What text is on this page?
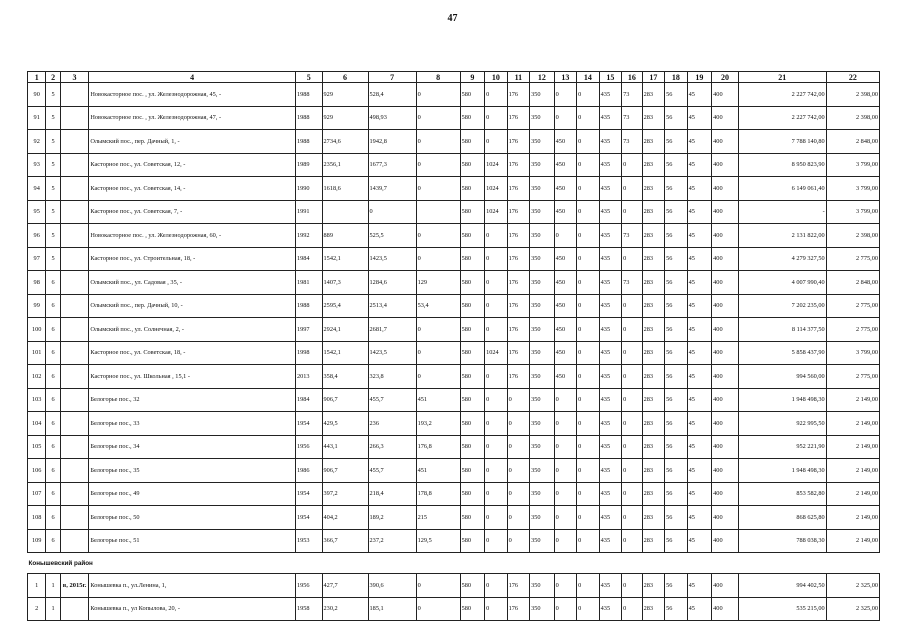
47
1	2	3	4	5	6	7	8	9	10	11	12	13	14	15	16	17	18	19	20	21	22
90	5		Новокасторное пос. , ул. Железнодорожная, 45, -	1988	929	528,4	0	580	0	176	350	0	0	435	73	283	56	45	400	2 227 742,00	2 398,00
91	5		Новокасторное пос. , ул. Железнодорожная, 47, -	1988	929	498,93	0	580	0	176	350	0	0	435	73	283	56	45	400	2 227 742,00	2 398,00
92	5		Олымский пос., пер. Дачный, 1, -	1988	2734,6	1942,8	0	580	0	176	350	450	0	435	73	283	56	45	400	7 788 140,80	2 848,00
93	5		Касторное пос., ул. Советская, 12, -	1989	2356,1	1677,3	0	580	1024	176	350	450	0	435	0	283	56	45	400	8 950 823,90	3 799,00
94	5		Касторное пос., ул. Советская, 14, -	1990	1618,6	1439,7	0	580	1024	176	350	450	0	435	0	283	56	45	400	6 149 061,40	3 799,00
95	5		Касторное пос., ул. Советская, 7, -	1991		0		580	1024	176	350	450	0	435	0	283	56	45	400	-	3 799,00
96	5		Новокасторное пос. , ул. Железнодорожная, 60, -	1992	889	525,5	0	580	0	176	350	0	0	435	73	283	56	45	400	2 131 822,00	2 398,00
97	5		Касторное пос., ул. Строительная, 18, -	1984	1542,1	1423,5	0	580	0	176	350	450	0	435	0	283	56	45	400	4 279 327,50	2 775,00
98	6		Олымский пос., ул. Садовая , 35, -	1981	1407,3	1284,6	129	580	0	176	350	450	0	435	73	283	56	45	400	4 007 990,40	2 848,00
99	6		Олымский пос., пер. Дачный, 10, -	1988	2595,4	2513,4	53,4	580	0	176	350	450	0	435	0	283	56	45	400	7 202 235,00	2 775,00
100	6		Олымский пос., ул. Солнечная, 2, -	1997	2924,1	2681,7	0	580	0	176	350	450	0	435	0	283	56	45	400	8 114 377,50	2 775,00
101	6		Касторное пос., ул. Советская, 18, -	1998	1542,1	1423,5	0	580	1024	176	350	450	0	435	0	283	56	45	400	5 858 437,90	3 799,00
102	6		Касторное пос., ул. Школьная , 15,1 -	2013	358,4	323,8	0	580	0	176	350	450	0	435	0	283	56	45	400	994 560,00	2 775,00
103	6		Белогорье пос., 32	1984	906,7	455,7	451	580	0	0	350	0	0	435	0	283	56	45	400	1 948 498,30	2 149,00
104	6		Белогорье пос., 33	1954	429,5	236	193,2	580	0	0	350	0	0	435	0	283	56	45	400	922 995,50	2 149,00
105	6		Белогорье пос., 34	1956	443,1	266,3	176,8	580	0	0	350	0	0	435	0	283	56	45	400	952 221,90	2 149,00
106	6		Белогорье пос., 35	1986	906,7	455,7	451	580	0	0	350	0	0	435	0	283	56	45	400	1 948 498,30	2 149,00
107	6		Белогорье пос., 49	1954	397,2	218,4	178,8	580	0	0	350	0	0	435	0	283	56	45	400	853 582,80	2 149,00
108	6		Белогорье пос., 50	1954	404,2	189,2	215	580	0	0	350	0	0	435	0	283	56	45	400	868 625,80	2 149,00
109	6		Белогорье пос., 51	1953	366,7	237,2	129,5	580	0	0	350	0	0	435	0	283	56	45	400	788 038,30	2 149,00
Конышевский район																					
1	1	в, 2015г.	Конышевка п., ул.Ленина, 1,	1956	427,7	390,6	0	580	0	176	350	0	0	435	0	283	56	45	400	994 402,50	2 325,00
2	1		Конышевка п., ул Копылова, 20, -	1958	230,2	185,1	0	580	0	176	350	0	0	435	0	283	56	45	400	535 215,00	2 325,00
